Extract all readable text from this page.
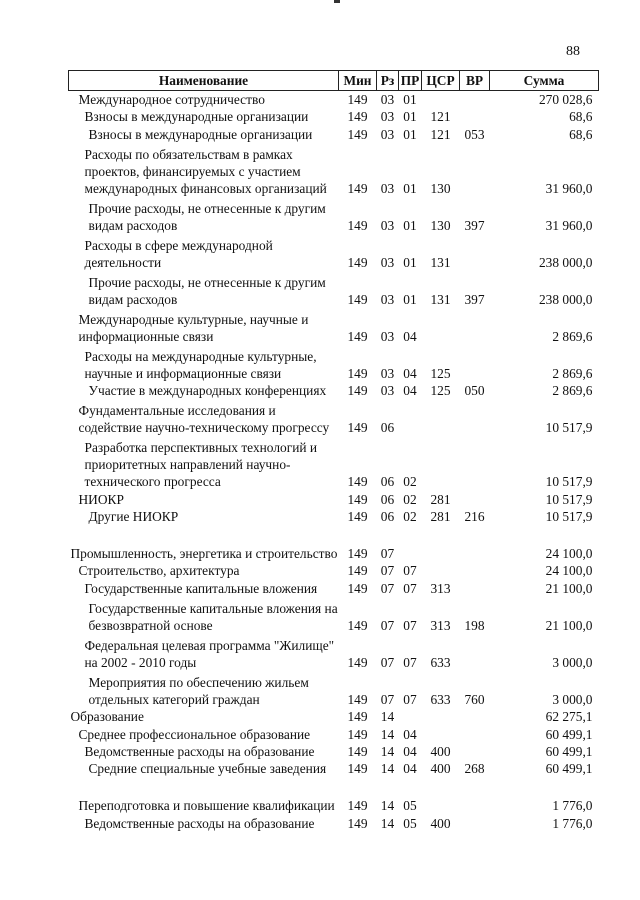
88
Наименование	Мин	Рз	ПР	ЦСР	ВР	Сумма
Международное сотрудничество	149	03	01			270 028,6
Взносы в международные организации	149	03	01	121		68,6
Взносы в международные организации	149	03	01	121	053	68,6
Расходы по обязательствам в рамках проектов, финансируемых с участием международных финансовых организаций	149	03	01	130		31 960,0
Прочие расходы, не отнесенные к другим видам расходов	149	03	01	130	397	31 960,0
Расходы в сфере международной деятельности	149	03	01	131		238 000,0
Прочие расходы, не отнесенные к другим видам расходов	149	03	01	131	397	238 000,0
Международные культурные, научные и информационные связи	149	03	04			2 869,6
Расходы на международные культурные, научные и информационные связи	149	03	04	125		2 869,6
Участие в международных конференциях	149	03	04	125	050	2 869,6
Фундаментальные исследования и содействие научно-техническому прогрессу	149	06				10 517,9
Разработка перспективных технологий и приоритетных направлений научно-технического прогресса	149	06	02			10 517,9
НИОКР	149	06	02	281		10 517,9
Другие НИОКР	149	06	02	281	216	10 517,9
Промышленность, энергетика и строительство	149	07				24 100,0
Строительство, архитектура	149	07	07			24 100,0
Государственные капитальные вложения	149	07	07	313		21 100,0
Государственные капитальные вложения на безвозвратной основе	149	07	07	313	198	21 100,0
Федеральная целевая программа "Жилище" на 2002 - 2010 годы	149	07	07	633		3 000,0
Мероприятия по обеспечению жильем отдельных категорий граждан	149	07	07	633	760	3 000,0
Образование	149	14				62 275,1
Среднее профессиональное образование	149	14	04			60 499,1
Ведомственные расходы на образование	149	14	04	400		60 499,1
Средние специальные учебные заведения	149	14	04	400	268	60 499,1
Переподготовка и повышение квалификации	149	14	05			1 776,0
Ведомственные расходы на образование	149	14	05	400		1 776,0
